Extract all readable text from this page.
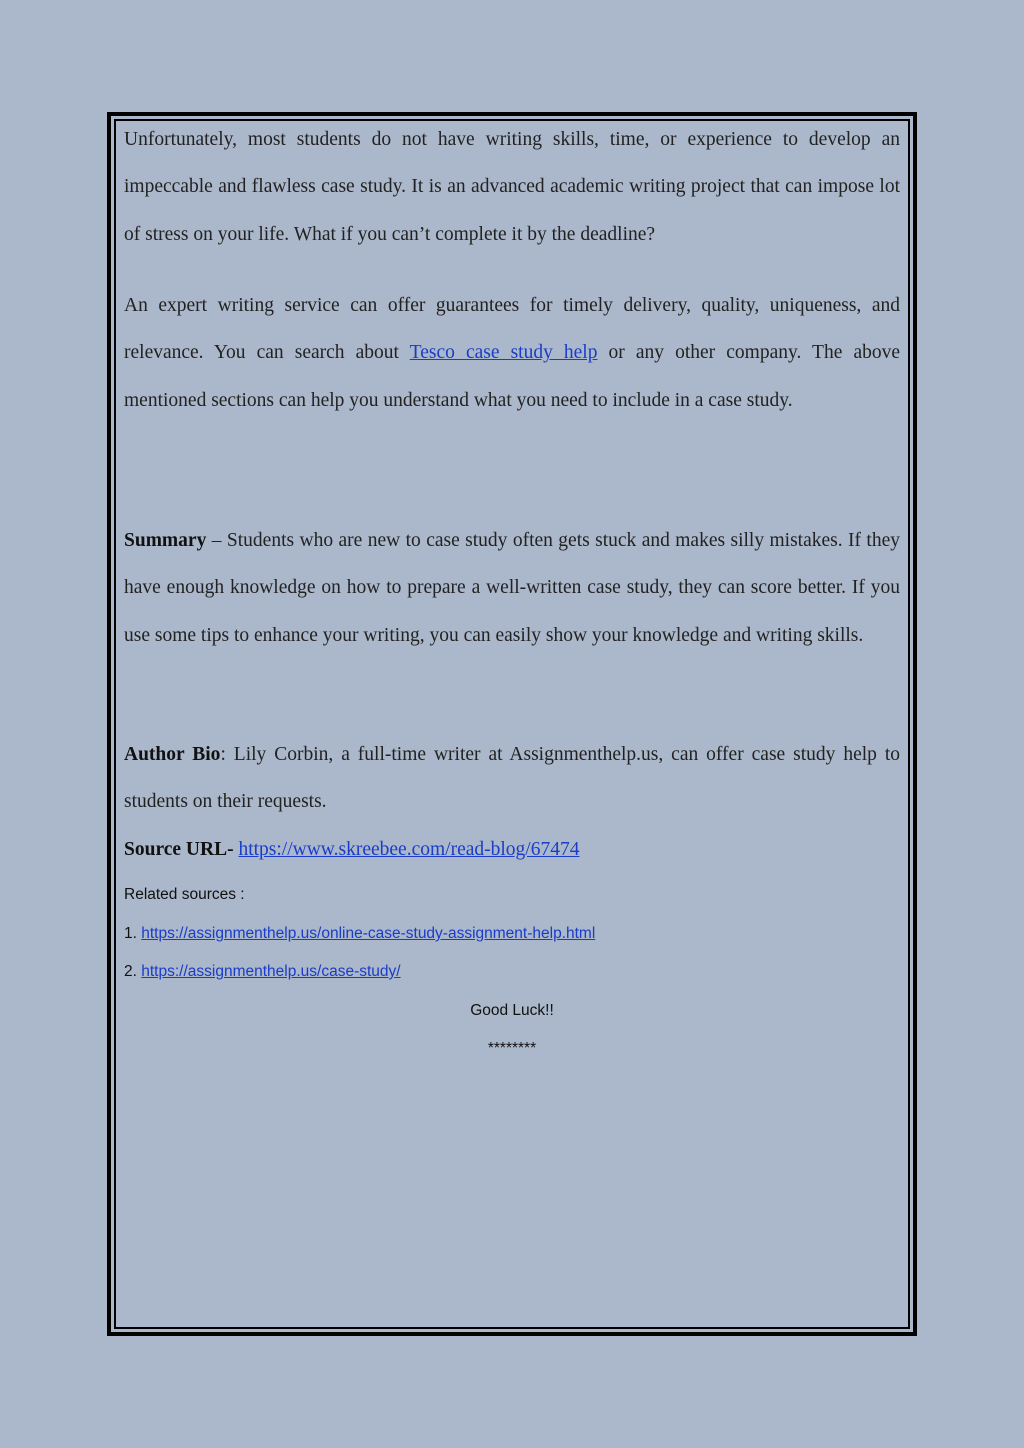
Unfortunately, most students do not have writing skills, time, or experience to develop an impeccable and flawless case study. It is an advanced academic writing project that can impose lot of stress on your life. What if you can’t complete it by the deadline?

An expert writing service can offer guarantees for timely delivery, quality, uniqueness, and relevance. You can search about Tesco case study help or any other company. The above mentioned sections can help you understand what you need to include in a case study.

Summary – Students who are new to case study often gets stuck and makes silly mistakes. If they have enough knowledge on how to prepare a well-written case study, they can score better. If you use some tips to enhance your writing, you can easily show your knowledge and writing skills.

Author Bio: Lily Corbin, a full-time writer at Assignmenthelp.us, can offer case study help to students on their requests.

Source URL- https://www.skreebee.com/read-blog/67474

Related sources :
1. https://assignmenthelp.us/online-case-study-assignment-help.html
2. https://assignmenthelp.us/case-study/
Good Luck!!
********
